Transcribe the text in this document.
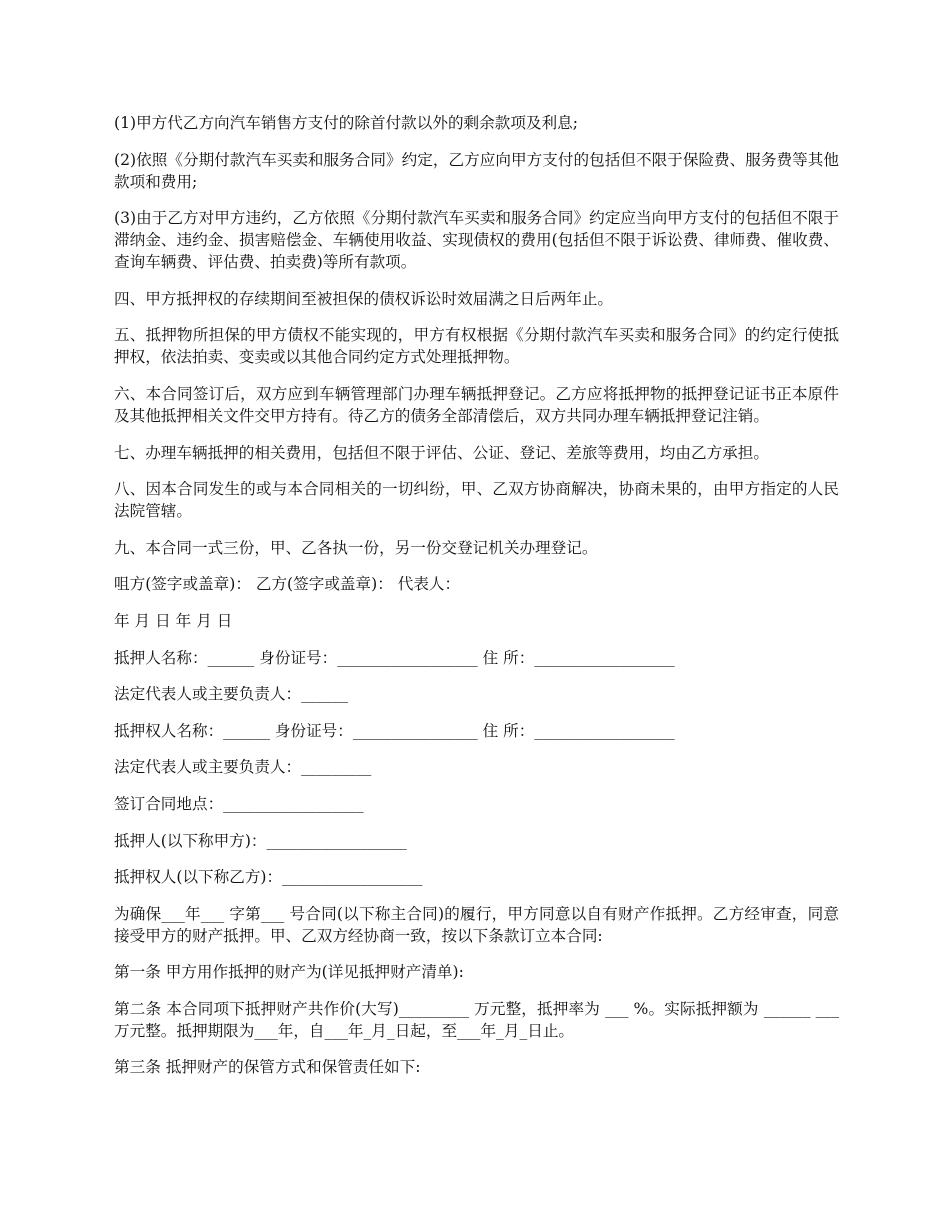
(1)甲方代乙方向汽车销售方支付的除首付款以外的剩余款项及利息;

(2)依照《分期付款汽车买卖和服务合同》约定，乙方应向甲方支付的包括但不限于保险费、服务费等其他款项和费用;

(3)由于乙方对甲方违约，乙方依照《分期付款汽车买卖和服务合同》约定应当向甲方支付的包括但不限于滞纳金、违约金、损害赔偿金、车辆使用收益、实现债权的费用(包括但不限于诉讼费、律师费、催收费、查询车辆费、评估费、拍卖费)等所有款项。

四、甲方抵押权的存续期间至被担保的债权诉讼时效届满之日后两年止。

五、抵押物所担保的甲方债权不能实现的，甲方有权根据《分期付款汽车买卖和服务合同》的约定行使抵押权，依法拍卖、变卖或以其他合同约定方式处理抵押物。

六、本合同签订后，双方应到车辆管理部门办理车辆抵押登记。乙方应将抵押物的抵押登记证书正本原件及其他抵押相关文件交甲方持有。待乙方的债务全部清偿后，双方共同办理车辆抵押登记注销。

七、办理车辆抵押的相关费用，包括但不限于评估、公证、登记、差旅等费用，均由乙方承担。

八、因本合同发生的或与本合同相关的一切纠纷，甲、乙双方协商解决，协商未果的，由甲方指定的人民法院管辖。

九、本合同一式三份，甲、乙各执一份，另一份交登记机关办理登记。

咀方(签字或盖章)： 乙方(签字或盖章)： 代表人：

年 月 日 年 月 日

抵押人名称：______ 身份证号：__________________ 住 所：__________________

法定代表人或主要负责人：______

抵押权人名称：______ 身份证号：________________ 住 所：__________________

法定代表人或主要负责人：_________

签订合同地点：__________________

抵押人(以下称甲方)：__________________

抵押权人(以下称乙方)：__________________

为确保___年___ 字第___ 号合同(以下称主合同)的履行，甲方同意以自有财产作抵押。乙方经审查，同意接受甲方的财产抵押。甲、乙双方经协商一致，按以下条款订立本合同:

第一条 甲方用作抵押的财产为(详见抵押财产清单):

第二条 本合同项下抵押财产共作价(大写)_________ 万元整，抵押率为 ___ %。实际抵押额为 ______ ___万元整。抵押期限为___年，自___年_月_日起，至___年_月_日止。

第三条 抵押财产的保管方式和保管责任如下:
